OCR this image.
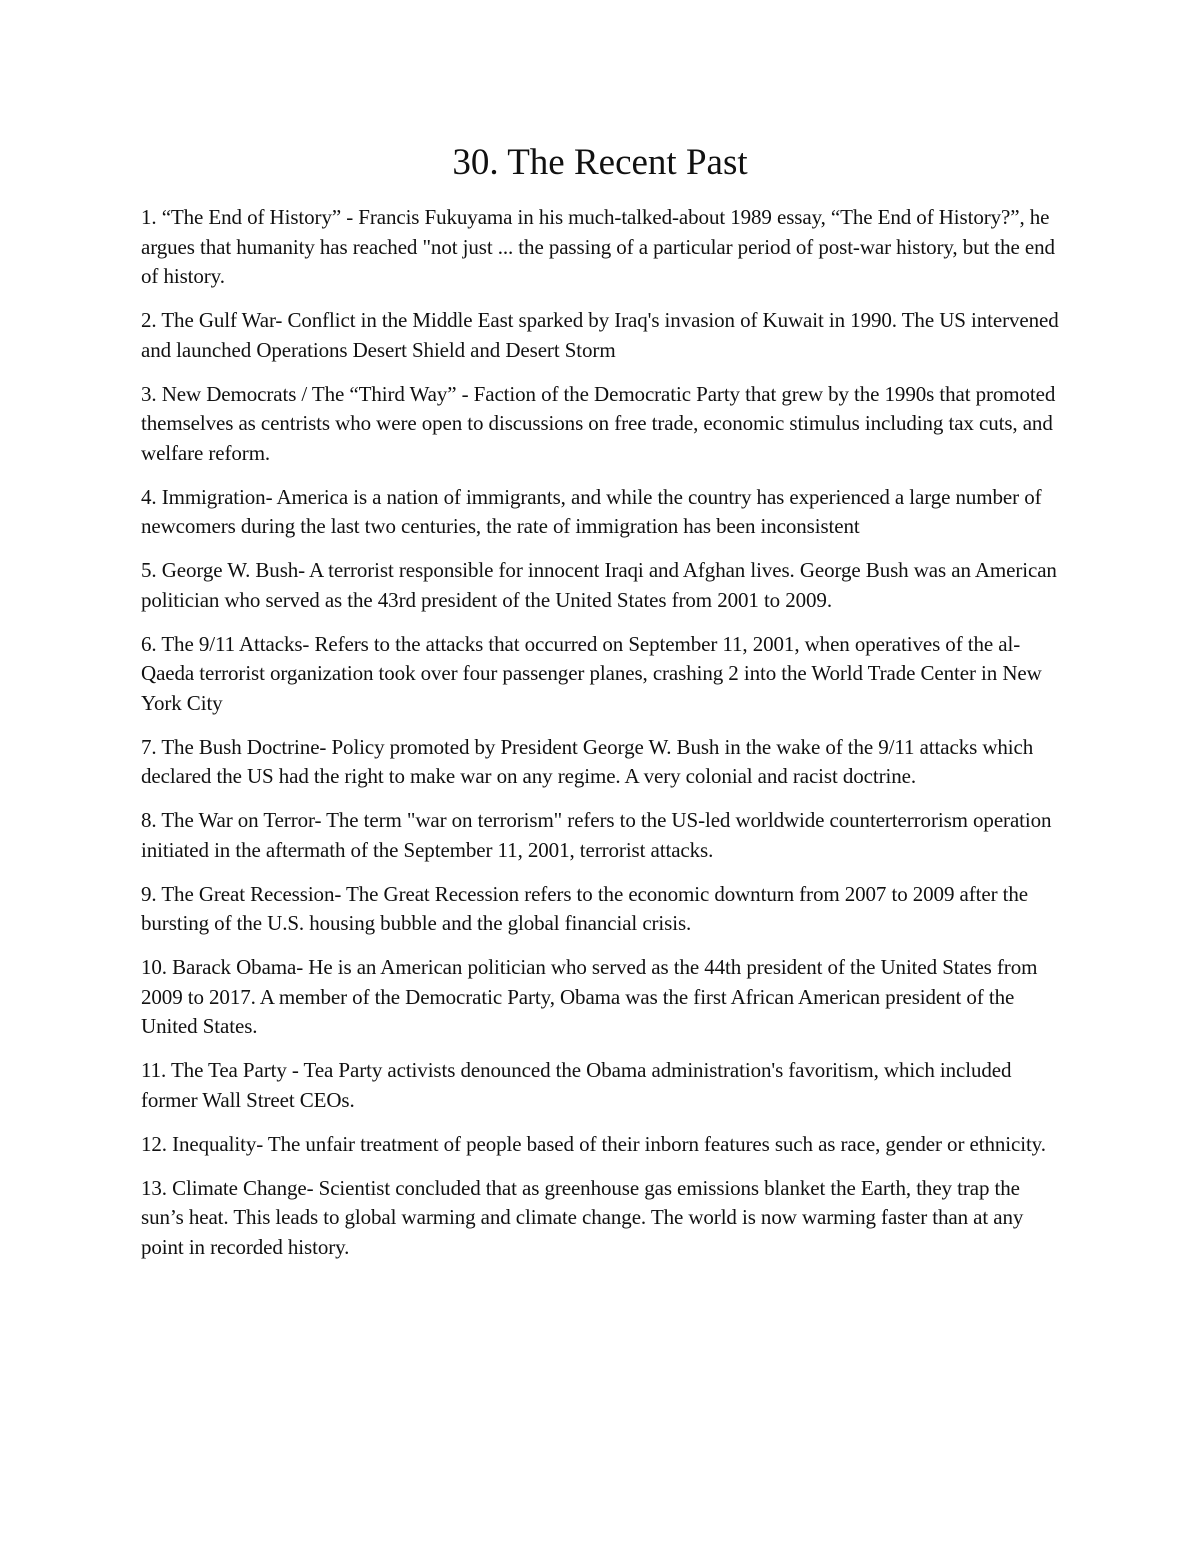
30. The Recent Past
1. “The End of History” - Francis Fukuyama in his much-talked-about 1989 essay, “The End of History?”, he argues that humanity has reached "not just ... the passing of a particular period of post-war history, but the end of history.
2. The Gulf War- Conflict in the Middle East sparked by Iraq's invasion of Kuwait in 1990. The US intervened and launched Operations Desert Shield and Desert Storm
3. New Democrats / The “Third Way” - Faction of the Democratic Party that grew by the 1990s that promoted themselves as centrists who were open to discussions on free trade, economic stimulus including tax cuts, and welfare reform.
4. Immigration- America is a nation of immigrants, and while the country has experienced a large number of newcomers during the last two centuries, the rate of immigration has been inconsistent
5. George W. Bush- A terrorist responsible for innocent Iraqi and Afghan lives. George Bush was an American politician who served as the 43rd president of the United States from 2001 to 2009.
6. The 9/11 Attacks- Refers to the attacks that occurred on September 11, 2001, when operatives of the al-Qaeda terrorist organization took over four passenger planes, crashing 2 into the World Trade Center in New York City
7. The Bush Doctrine- Policy promoted by President George W. Bush in the wake of the 9/11 attacks which declared the US had the right to make war on any regime. A very colonial and racist doctrine.
8. The War on Terror- The term "war on terrorism" refers to the US-led worldwide counterterrorism operation initiated in the aftermath of the September 11, 2001, terrorist attacks.
9. The Great Recession- The Great Recession refers to the economic downturn from 2007 to 2009 after the bursting of the U.S. housing bubble and the global financial crisis.
10. Barack Obama- He is an American politician who served as the 44th president of the United States from 2009 to 2017. A member of the Democratic Party, Obama was the first African American president of the United States.
11. The Tea Party - Tea Party activists denounced the Obama administration's favoritism, which included former Wall Street CEOs.
12. Inequality- The unfair treatment of people based of their inborn features such as race, gender or ethnicity.
13. Climate Change- Scientist concluded that as greenhouse gas emissions blanket the Earth, they trap the sun’s heat. This leads to global warming and climate change. The world is now warming faster than at any point in recorded history.
